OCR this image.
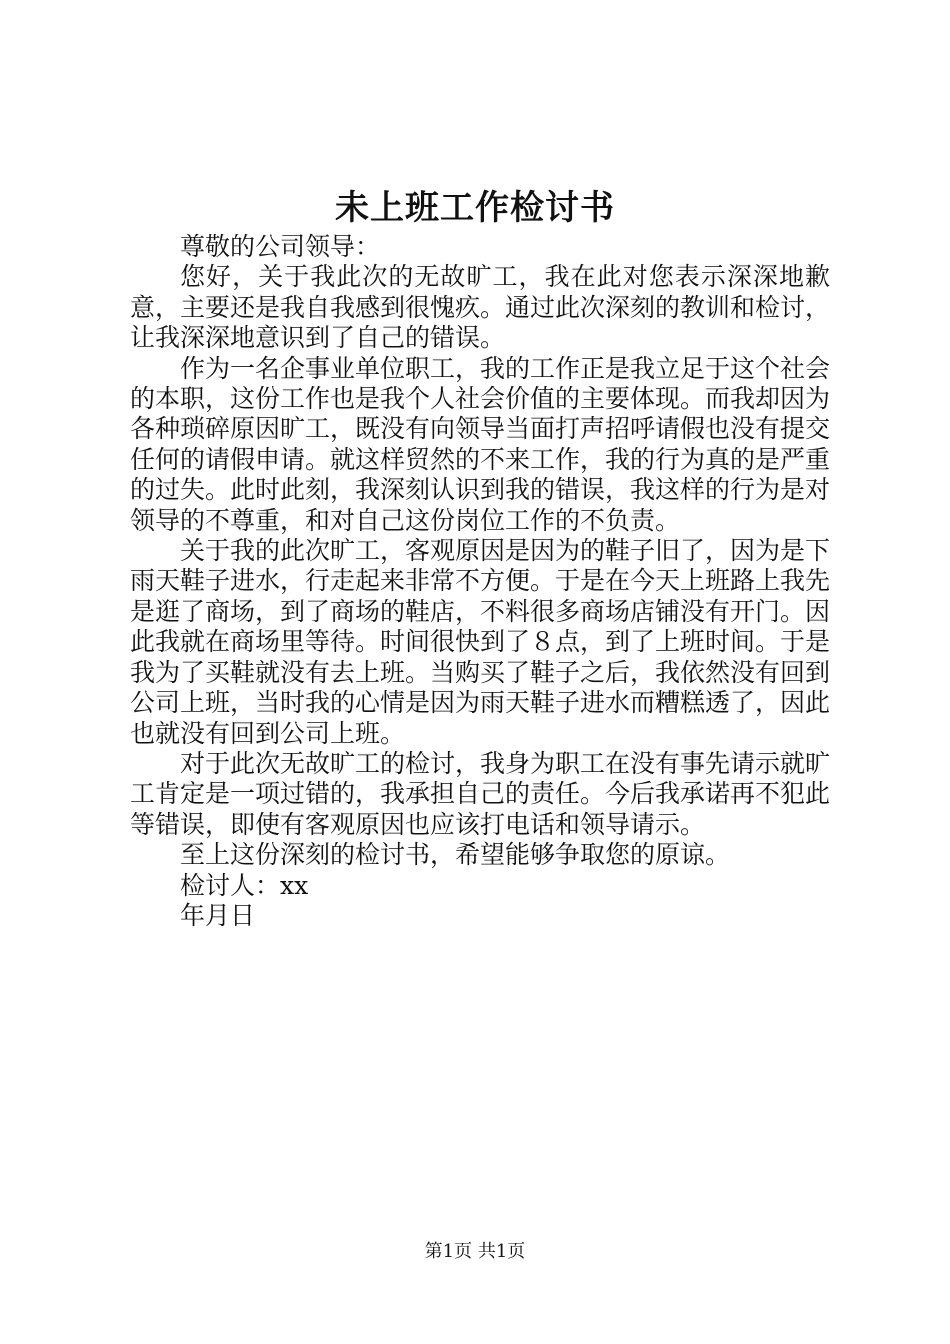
未上班工作检讨书

尊敬的公司领导：

您好，关于我此次的无故旷工，我在此对您表示深深地歉意，主要还是我自我感到很愧疚。通过此次深刻的教训和检讨，让我深深地意识到了自己的错误。

作为一名企事业单位职工，我的工作正是我立足于这个社会的本职，这份工作也是我个人社会价值的主要体现。而我却因为各种琐碎原因旷工，既没有向领导当面打声招呼请假也没有提交任何的请假申请。就这样贸然的不来工作，我的行为真的是严重的过失。此时此刻，我深刻认识到我的错误，我这样的行为是对领导的不尊重，和对自己这份岗位工作的不负责。

关于我的此次旷工，客观原因是因为的鞋子旧了，因为是下雨天鞋子进水，行走起来非常不方便。于是在今天上班路上我先是逛了商场，到了商场的鞋店，不料很多商场店铺没有开门。因此我就在商场里等待。时间很快到了８点，到了上班时间。于是我为了买鞋就没有去上班。当购买了鞋子之后，我依然没有回到公司上班，当时我的心情是因为雨天鞋子进水而糟糕透了，因此也就没有回到公司上班。

对于此次无故旷工的检讨，我身为职工在没有事先请示就旷工肯定是一项过错的，我承担自己的责任。今后我承诺再不犯此等错误，即使有客观原因也应该打电话和领导请示。

至上这份深刻的检讨书，希望能够争取您的原谅。

检讨人：xx

年月日

第1页 共1页
